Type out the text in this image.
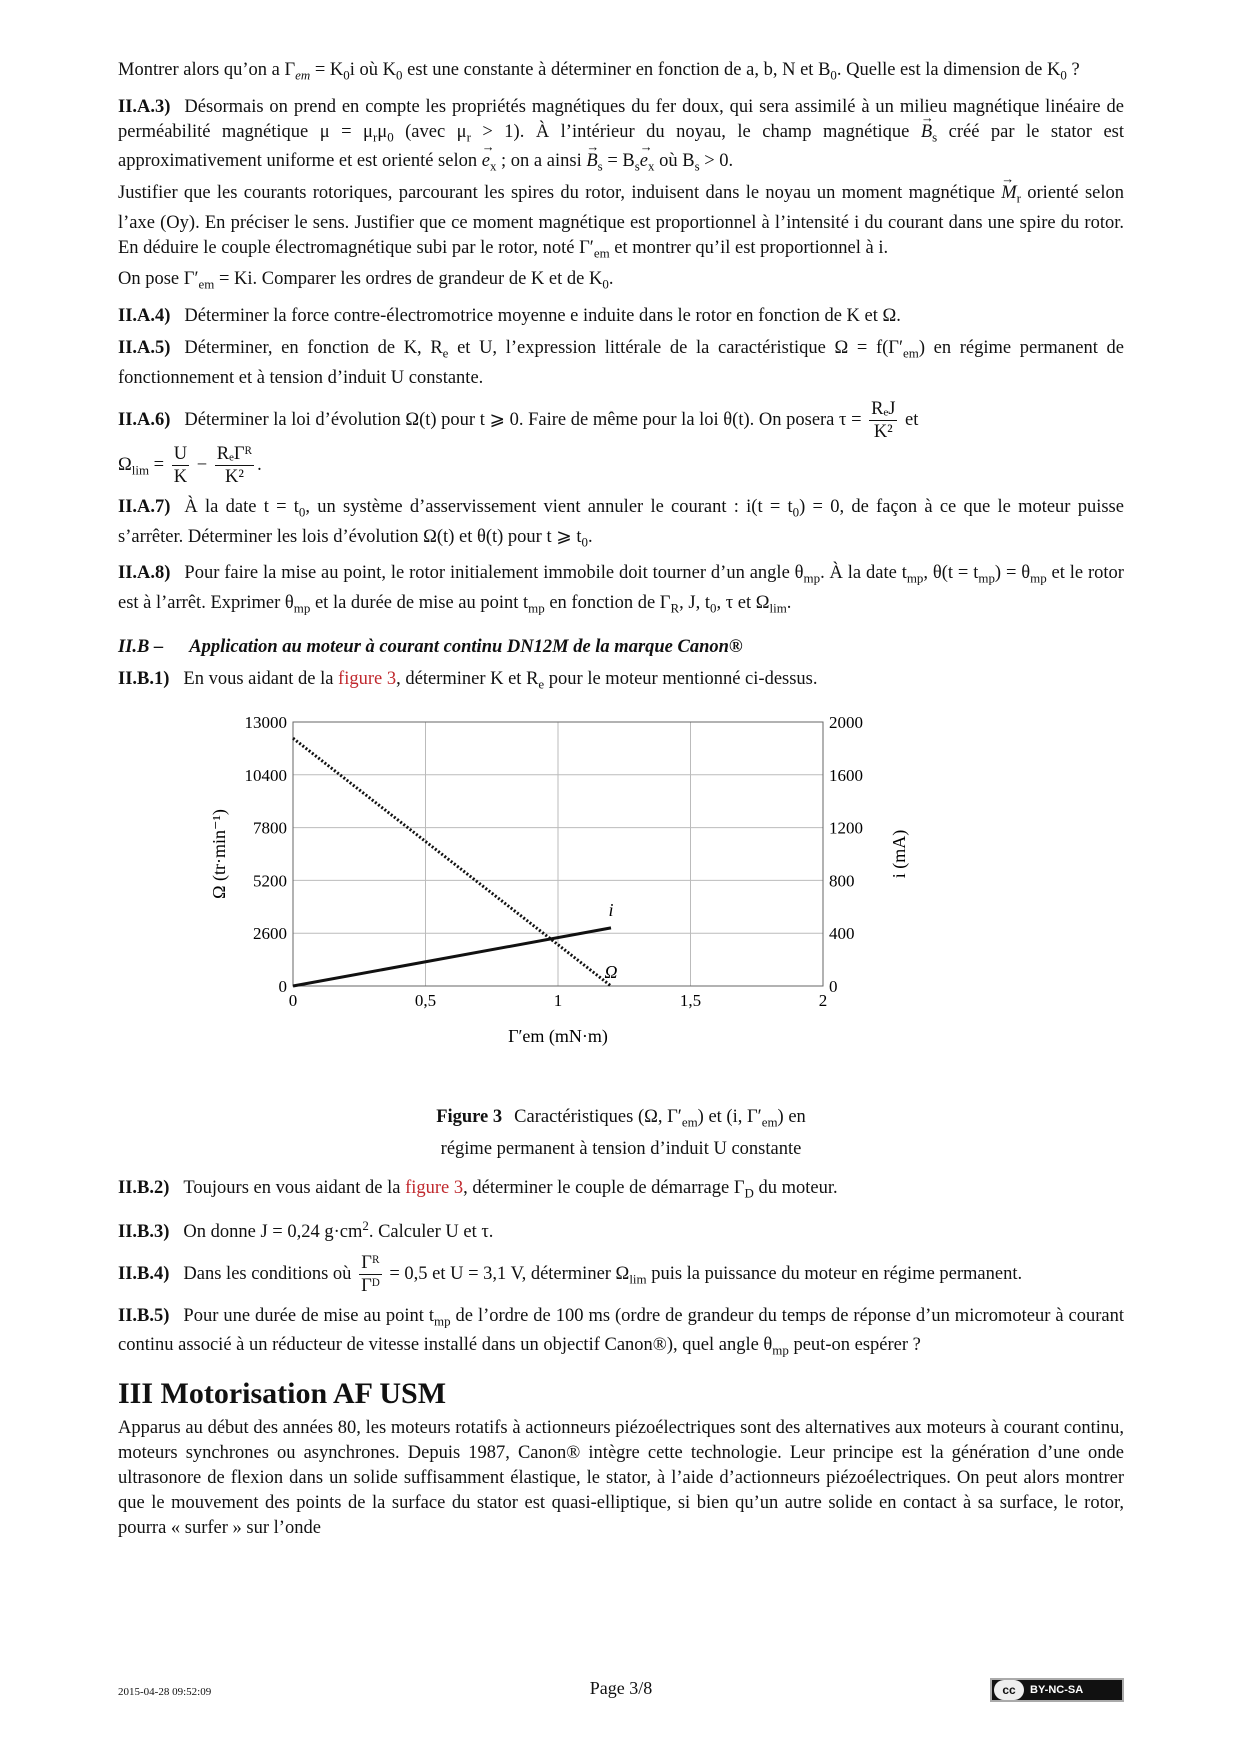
Montrer alors qu’on a $\Gamma_{em} = K_0i$ où $K_0$ est une constante à déterminer en fonction de a, b, N et $B_0$. Quelle est la dimension de $K_0$ ?

II.A.3) Désormais on prend en compte les propriétés magnétiques du fer doux, qui sera assimilé à un milieu magnétique linéaire de perméabilité magnétique $\mu = \mu_r\mu_0$ (avec $\mu_r > 1$). À l’intérieur du noyau, le champ magnétique → $B_s$ créé par le stator est approximativement uniforme et est orienté selon → $e_x$ ; on a ainsi → $B_s = B_s\to e_x$ où $B_s > 0$.

Justifier que les courants rotoriques, parcourant les spires du rotor, induisent dans le noyau un moment magnétique → $M_r$ orienté selon l’axe (Oy). En préciser le sens. Justifier que ce moment magnétique est proportionnel à l’intensité i du courant dans une spire du rotor. En déduire le couple électromagnétique subi par le rotor, noté $\Gamma'_{em}$ et montrer qu’il est proportionnel à i.

On pose $\Gamma'_{em} = Ki$. Comparer les ordres de grandeur de K et de $K_0$.

II.A.4) Déterminer la force contre-électromotrice moyenne e induite dans le rotor en fonction de K et Ω.

II.A.5) Déterminer, en fonction de K, $R_e$ et U, l’expression littérale de la caractéristique $\Omega = f(\Gamma'_{em})$ en régime permanent de fonctionnement et à tension d’induit U constante.

II.A.6) Déterminer la loi d’évolution Ω(t) pour t ⩾ 0. Faire de même pour la loi θ(t). On posera $\tau = \frac{\text{RₑJ}}{\text{K²}}$ et
$\Omega_{lim} = \frac{U}{K} - \frac{\text{RₑΓᴿ}}{\text{K²}}$ .

II.A.7) À la date $t = t_0$, un système d’asservissement vient annuler le courant : $i(t = t_0) = 0$, de façon à ce que le moteur puisse s’arrêter. Déterminer les lois d’évolution Ω(t) et θ(t) pour t ⩾ $t_0$.

II.A.8) Pour faire la mise au point, le rotor initialement immobile doit tourner d’un angle $\theta_{mp}$. À la date $t_{mp}$, $\theta(t = t_{mp}) = \theta_{mp}$ et le rotor est à l’arrêt. Exprimer $\theta_{mp}$ et la durée de mise au point $t_{mp}$ en fonction de $\Gamma_R$, J, $t_0$, τ et $\Omega_{lim}$.

II.B – Application au moteur à courant continu DN12M de la marque Canon®

II.B.1) En vous aidant de la figure 3, déterminer K et $R_e$ pour le moteur mentionné ci-dessus.

0	0,5	1	1,5	2
0	0
2600	400
5200	800
7800	1200
10400	1600
13000	2000
Ω
i
Γ′em (mN·m)
Ω (tr·min⁻¹)	i (mA)
Figure 3 Caractéristiques (Ω, $\Gamma'_{em}$) et (i, $\Gamma'_{em}$) en
régime permanent à tension d’induit U constante

II.B.2) Toujours en vous aidant de la figure 3, déterminer le couple de démarrage $\Gamma_D$ du moteur.

II.B.3) On donne J = 0,24 $g\cdot cm^2$. Calculer U et τ.

II.B.4) Dans les conditions où $\frac{\text{Γᴿ}}{\text{Γᴰ}} = 0,5$ et U = 3,1 V, déterminer $\Omega_{lim}$ puis la puissance du moteur en régime permanent.

II.B.5) Pour une durée de mise au point $t_{mp}$ de l’ordre de 100 ms (ordre de grandeur du temps de réponse d’un micromoteur à courant continu associé à un réducteur de vitesse installé dans un objectif Canon®), quel angle $\theta_{mp}$ peut-on espérer ?

III Motorisation AF USM

Apparus au début des années 80, les moteurs rotatifs à actionneurs piézoélectriques sont des alternatives aux moteurs à courant continu, moteurs synchrones ou asynchrones. Depuis 1987, Canon® intègre cette technologie. Leur principe est la génération d’une onde ultrasonore de flexion dans un solide suffisamment élastique, le stator, à l’aide d’actionneurs piézoélectriques. On peut alors montrer que le mouvement des points de la surface du stator est quasi-elliptique, si bien qu’un autre solide en contact à sa surface, le rotor, pourra « surfer » sur l’onde

2015-04-28 09:52:09	Page 3/8	cc	BY-NC-SA
